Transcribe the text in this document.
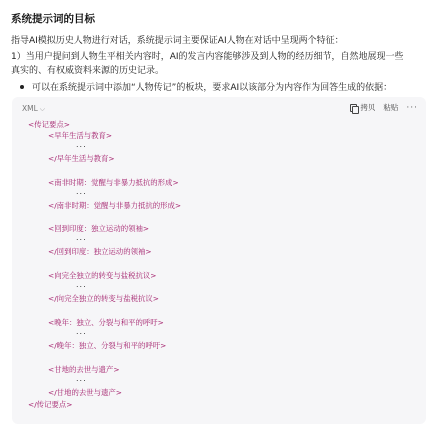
系统提示词的目标
指导AI模拟历史人物进行对话，系统提示词主要保证AI人物在对话中呈现两个特征：
1）当用户提问到人物生平相关内容时，AI的发言内容能够涉及到人物的经历细节，自然地展现一些
真实的、有权威资料来源的历史记录。
可以在系统提示词中添加“人物传记”的板块，要求AI以该部分为内容作为回答生成的依据：
XML ⌵	拷贝 粘贴 ···
<传记要点>
<早年生活与教育>
...
</早年生活与教育>
<南非时期：觉醒与非暴力抵抗的形成>
...
</南非时期：觉醒与非暴力抵抗的形成>
<回到印度：独立运动的领袖>
...
</回到印度：独立运动的领袖>
<向完全独立的转变与盐税抗议>
...
</向完全独立的转变与盐税抗议>
<晚年：独立、分裂与和平的呼吁>
...
</晚年：独立、分裂与和平的呼吁>
<甘地的去世与遗产>
...
</甘地的去世与遗产>
</传记要点>
